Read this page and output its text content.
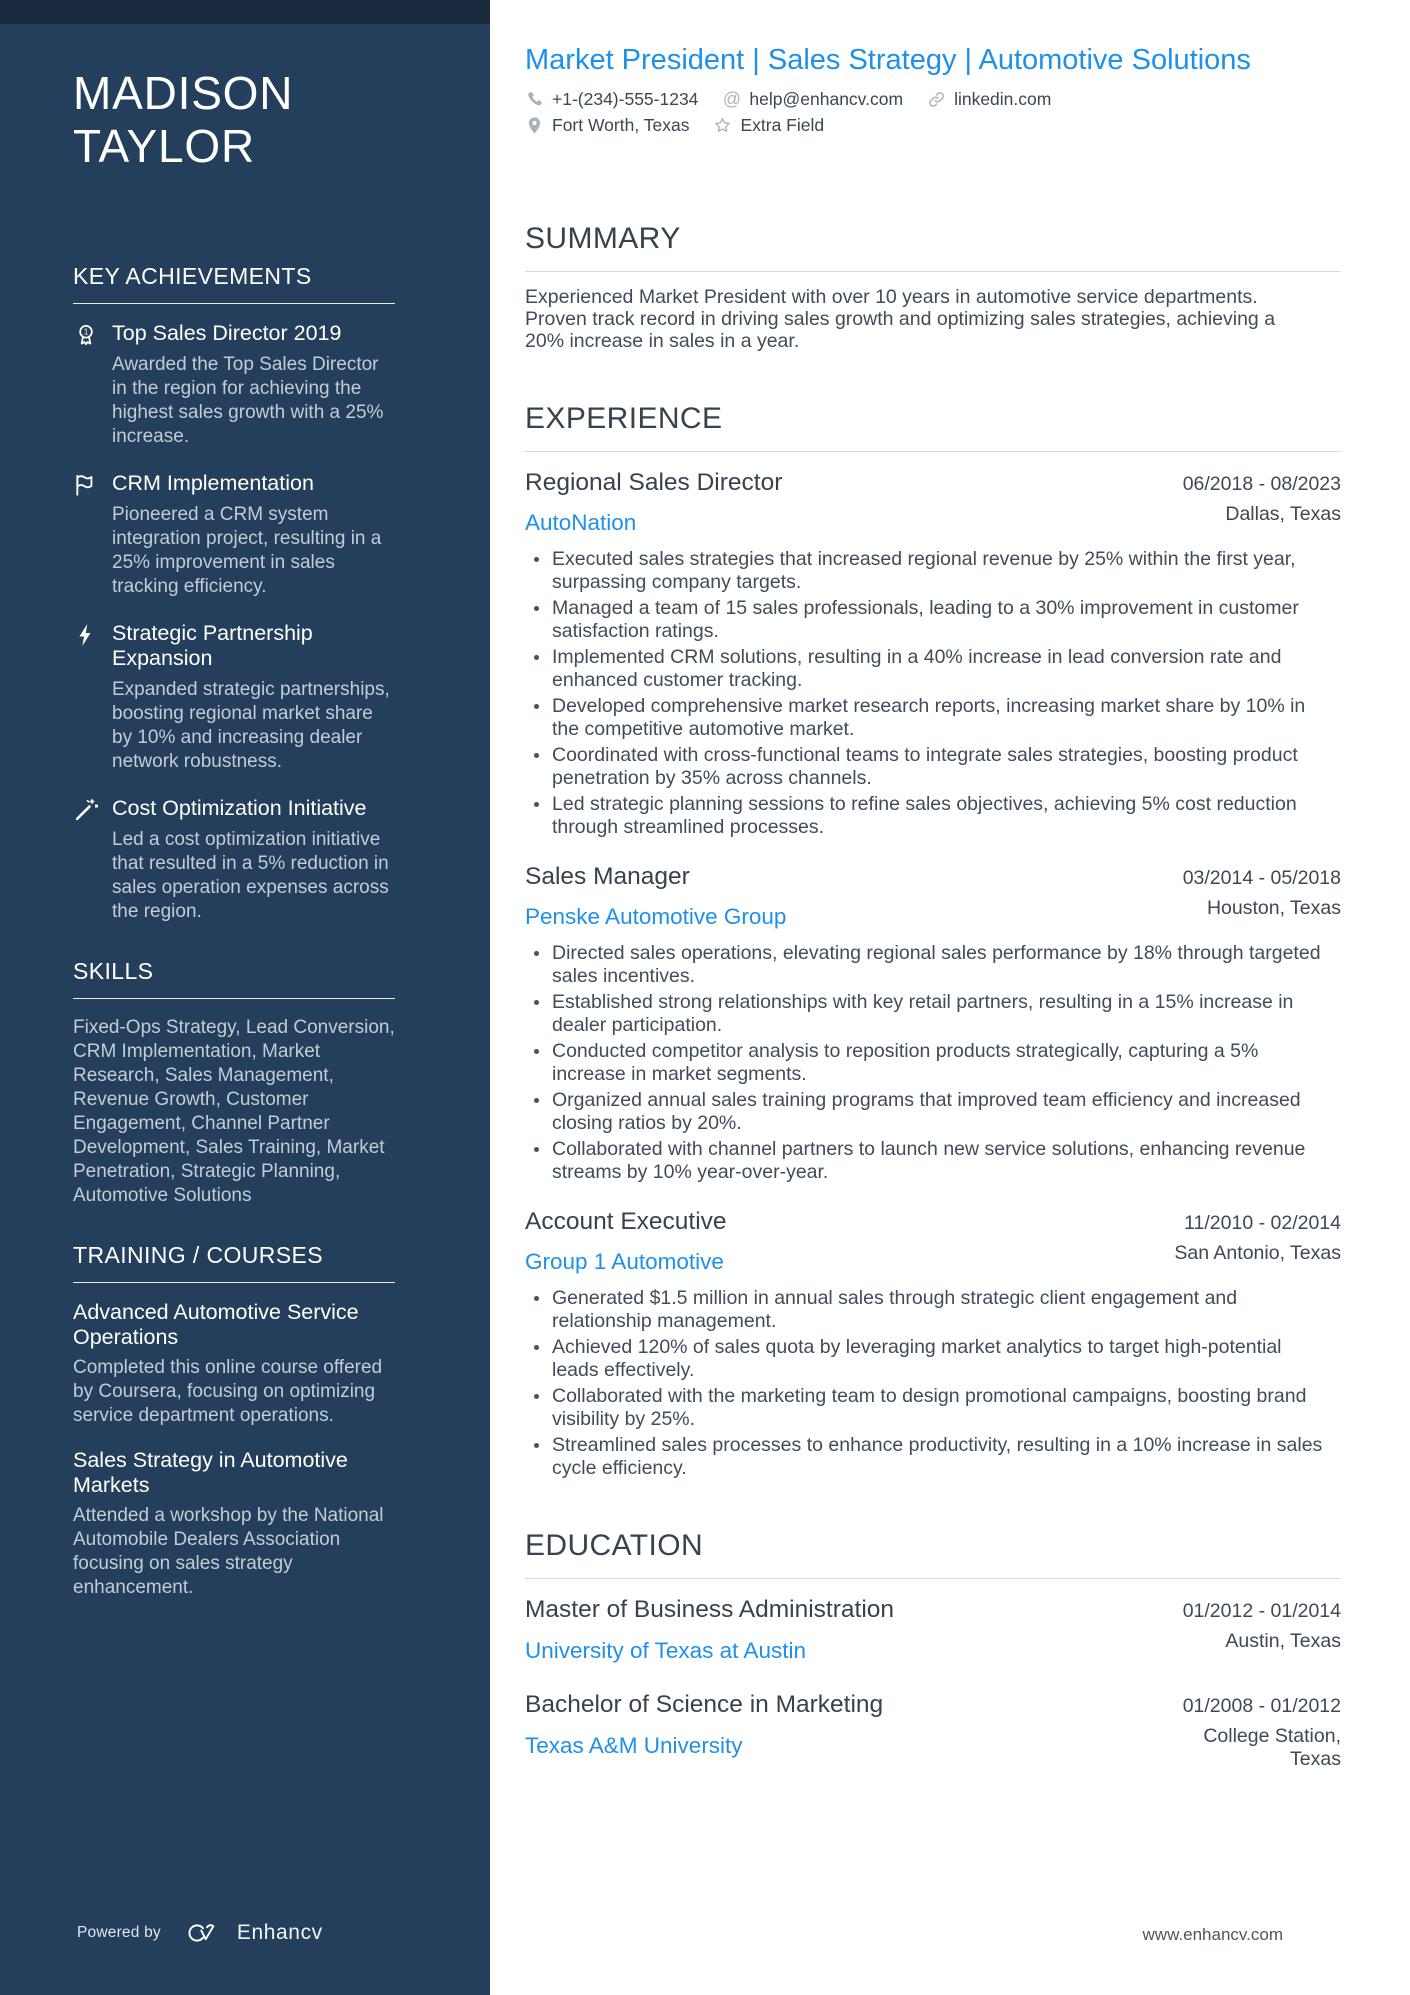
MADISON
TAYLOR
KEY ACHIEVEMENTS
1 Top Sales Director 2019
Awarded the Top Sales Director in the region for achieving the highest sales growth with a 25% increase.
CRM Implementation
Pioneered a CRM system integration project, resulting in a 25% improvement in sales tracking efficiency.
Strategic Partnership Expansion
Expanded strategic partnerships, boosting regional market share by 10% and increasing dealer network robustness.
Cost Optimization Initiative
Led a cost optimization initiative that resulted in a 5% reduction in sales operation expenses across the region.
SKILLS
Fixed-Ops Strategy, Lead Conversion, CRM Implementation, Market Research, Sales Management, Revenue Growth, Customer Engagement, Channel Partner Development, Sales Training, Market Penetration, Strategic Planning, Automotive Solutions
TRAINING / COURSES
Advanced Automotive Service Operations
Completed this online course offered by Coursera, focusing on optimizing service department operations.
Sales Strategy in Automotive Markets
Attended a workshop by the National Automobile Dealers Association focusing on sales strategy enhancement.
Powered by	Enhancv
Market President | Sales Strategy | Automotive Solutions
+1-(234)-555-1234 @ help@enhancv.com	linkedin.com
Fort Worth, Texas	Extra Field
SUMMARY
Experienced Market President with over 10 years in automotive service departments. Proven track record in driving sales growth and optimizing sales strategies, achieving a 20% increase in sales in a year.
EXPERIENCE
Regional Sales Director	06/2018 - 08/2023
AutoNation	Dallas, Texas
Executed sales strategies that increased regional revenue by 25% within the first year, surpassing company targets.
Managed a team of 15 sales professionals, leading to a 30% improvement in customer satisfaction ratings.
Implemented CRM solutions, resulting in a 40% increase in lead conversion rate and enhanced customer tracking.
Developed comprehensive market research reports, increasing market share by 10% in the competitive automotive market.
Coordinated with cross-functional teams to integrate sales strategies, boosting product penetration by 35% across channels.
Led strategic planning sessions to refine sales objectives, achieving 5% cost reduction through streamlined processes.
Sales Manager	03/2014 - 05/2018
Penske Automotive Group	Houston, Texas
Directed sales operations, elevating regional sales performance by 18% through targeted sales incentives.
Established strong relationships with key retail partners, resulting in a 15% increase in dealer participation.
Conducted competitor analysis to reposition products strategically, capturing a 5% increase in market segments.
Organized annual sales training programs that improved team efficiency and increased closing ratios by 20%.
Collaborated with channel partners to launch new service solutions, enhancing revenue streams by 10% year-over-year.
Account Executive	11/2010 - 02/2014
Group 1 Automotive	San Antonio, Texas
Generated $1.5 million in annual sales through strategic client engagement and relationship management.
Achieved 120% of sales quota by leveraging market analytics to target high-potential leads effectively.
Collaborated with the marketing team to design promotional campaigns, boosting brand visibility by 25%.
Streamlined sales processes to enhance productivity, resulting in a 10% increase in sales cycle efficiency.
EDUCATION
Master of Business Administration	01/2012 - 01/2014
University of Texas at Austin	Austin, Texas
Bachelor of Science in Marketing	01/2008 - 01/2012
Texas A&M University	College Station, Texas
www.enhancv.com
